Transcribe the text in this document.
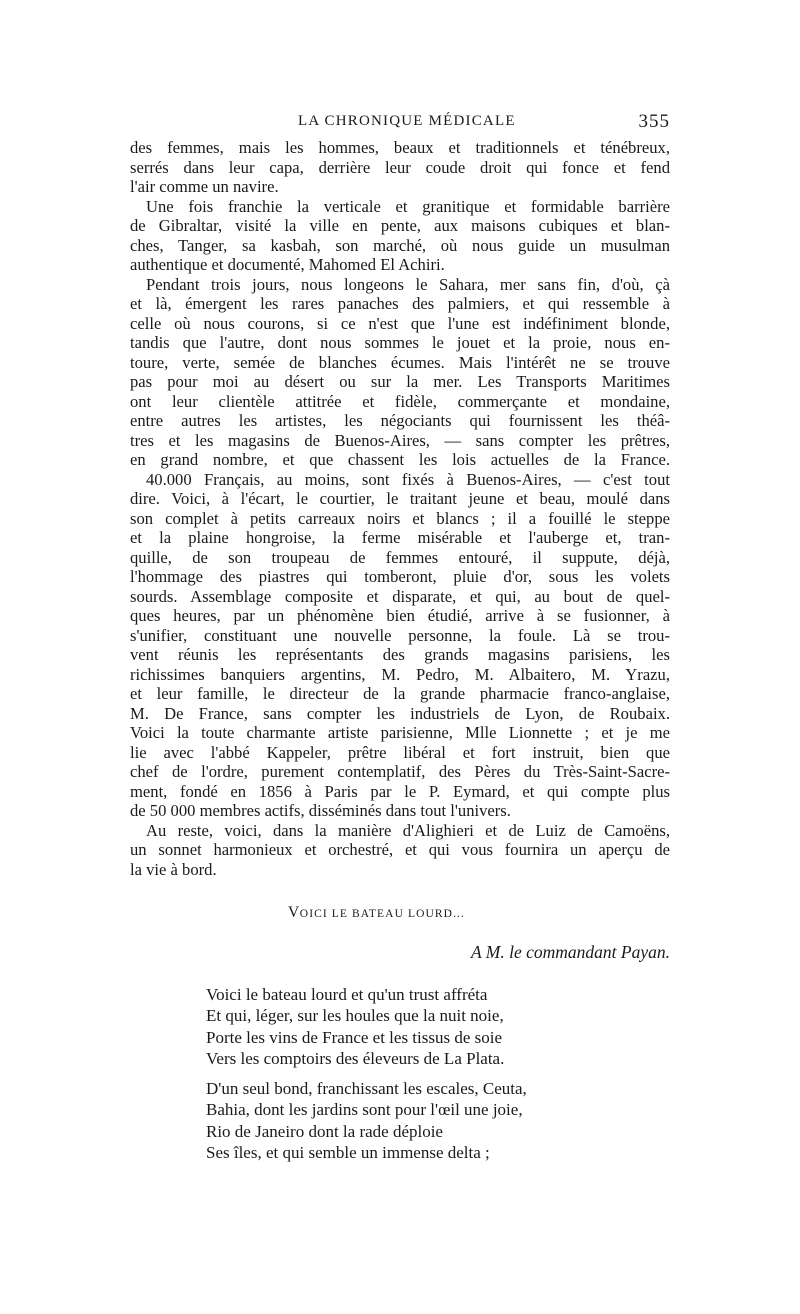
LA CHRONIQUE MÉDICALE	355
des femmes, mais les hommes, beaux et traditionnels et ténébreux,
serrés dans leur capa, derrière leur coude droit qui fonce et fend
l'air comme un navire.
Une fois franchie la verticale et granitique et formidable barrière
de Gibraltar, visité la ville en pente, aux maisons cubiques et blan-
ches, Tanger, sa kasbah, son marché, où nous guide un musulman
authentique et documenté, Mahomed El Achiri.
Pendant trois jours, nous longeons le Sahara, mer sans fin, d'où, çà
et là, émergent les rares panaches des palmiers, et qui ressemble à
celle où nous courons, si ce n'est que l'une est indéfiniment blonde,
tandis que l'autre, dont nous sommes le jouet et la proie, nous en-
toure, verte, semée de blanches écumes. Mais l'intérêt ne se trouve
pas pour moi au désert ou sur la mer. Les Transports Maritimes
ont leur clientèle attitrée et fidèle, commerçante et mondaine,
entre autres les artistes, les négociants qui fournissent les théâ-
tres et les magasins de Buenos-Aires, — sans compter les prêtres,
en grand nombre, et que chassent les lois actuelles de la France.
40.000 Français, au moins, sont fixés à Buenos-Aires, — c'est tout
dire. Voici, à l'écart, le courtier, le traitant jeune et beau, moulé dans
son complet à petits carreaux noirs et blancs ; il a fouillé le steppe
et la plaine hongroise, la ferme misérable et l'auberge et, tran-
quille, de son troupeau de femmes entouré, il suppute, déjà,
l'hommage des piastres qui tomberont, pluie d'or, sous les volets
sourds. Assemblage composite et disparate, et qui, au bout de quel-
ques heures, par un phénomène bien étudié, arrive à se fusionner, à
s'unifier, constituant une nouvelle personne, la foule. Là se trou-
vent réunis les représentants des grands magasins parisiens, les
richissimes banquiers argentins, M. Pedro, M. Albaitero, M. Yrazu,
et leur famille, le directeur de la grande pharmacie franco-anglaise,
M. De France, sans compter les industriels de Lyon, de Roubaix.
Voici la toute charmante artiste parisienne, Mlle Lionnette ; et je me
lie avec l'abbé Kappeler, prêtre libéral et fort instruit, bien que
chef de l'ordre, purement contemplatif, des Pères du Très-Saint-Sacre-
ment, fondé en 1856 à Paris par le P. Eymard, et qui compte plus
de 50 000 membres actifs, disséminés dans tout l'univers.
Au reste, voici, dans la manière d'Alighieri et de Luiz de Camoëns,
un sonnet harmonieux et orchestré, et qui vous fournira un aperçu de
la vie à bord.
VOICI LE BATEAU LOURD...
A M. le commandant Payan.
Voici le bateau lourd et qu'un trust affréta
Et qui, léger, sur les houles que la nuit noie,
Porte les vins de France et les tissus de soie
Vers les comptoirs des éleveurs de La Plata.
D'un seul bond, franchissant les escales, Ceuta,
Bahia, dont les jardins sont pour l'œil une joie,
Rio de Janeiro dont la rade déploie
Ses îles, et qui semble un immense delta ;
